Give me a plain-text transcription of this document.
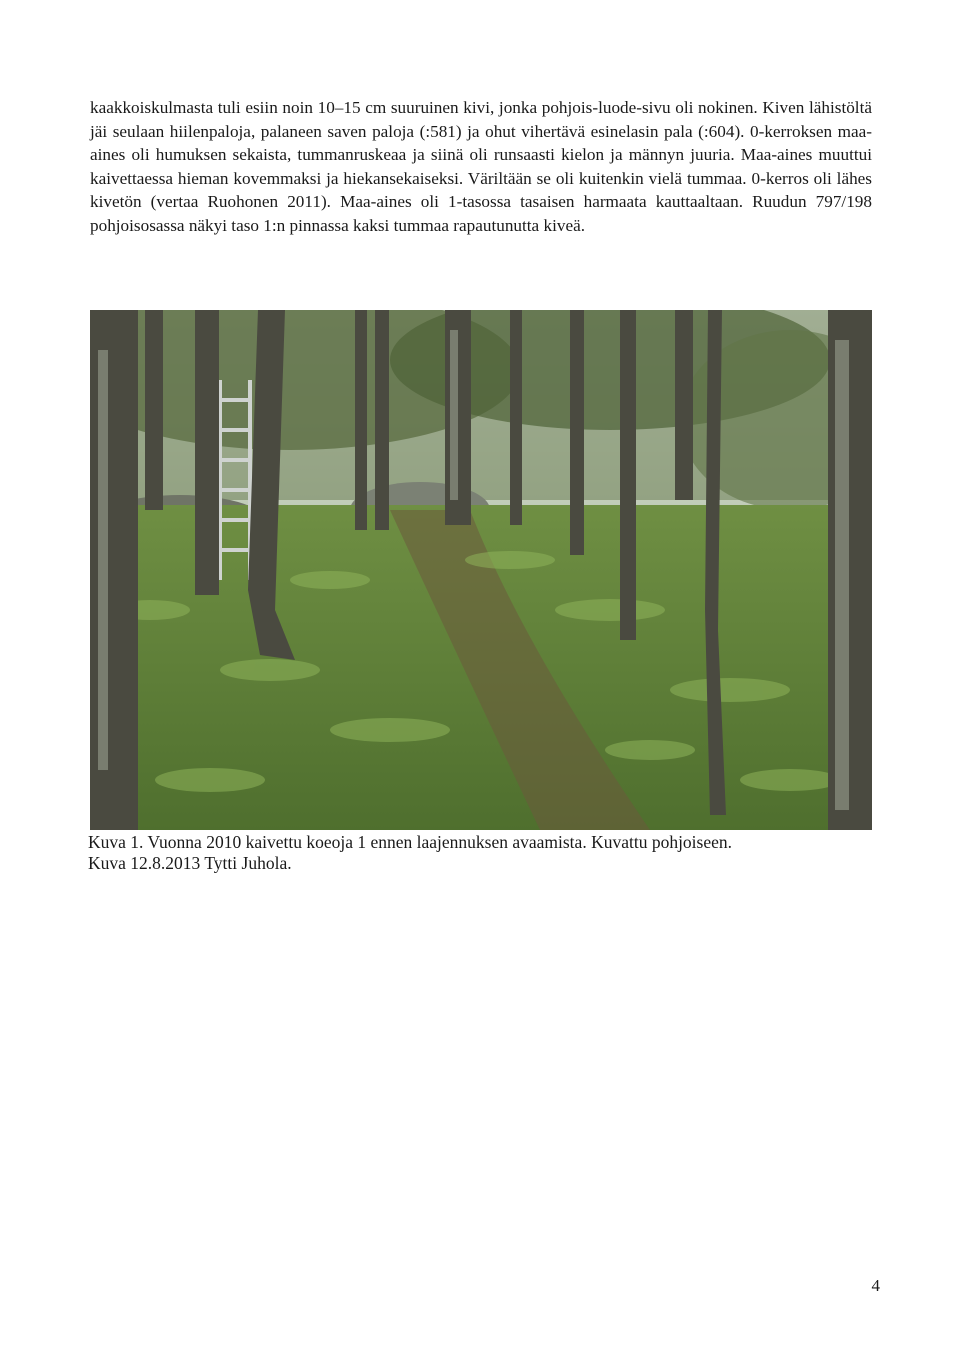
kaakkoiskulmasta tuli esiin noin 10–15 cm suuruinen kivi, jonka pohjois-luode-sivu oli nokinen. Kiven lähistöltä jäi seulaan hiilenpaloja, palaneen saven paloja (:581) ja ohut vihertävä esinelasin pala (:604). 0-kerroksen maa-aines oli humuksen sekaista, tummanruskeaa ja siinä oli runsaasti kielon ja männyn juuria. Maa-aines muuttui kaivettaessa hieman kovemmaksi ja hiekansekaiseksi. Väriltään se oli kuitenkin vielä tummaa. 0-kerros oli lähes kivetön (vertaa Ruohonen 2011). Maa-aines oli 1-tasossa tasaisen harmaata kauttaaltaan. Ruudun 797/198 pohjoisosassa näkyi taso 1:n pinnassa kaksi tummaa rapautunutta kiveä.

Kuva 1. Vuonna 2010 kaivettu koeoja 1 ennen laajennuksen avaamista. Kuvattu pohjoiseen.
Kuva 12.8.2013 Tytti Juhola.

4
